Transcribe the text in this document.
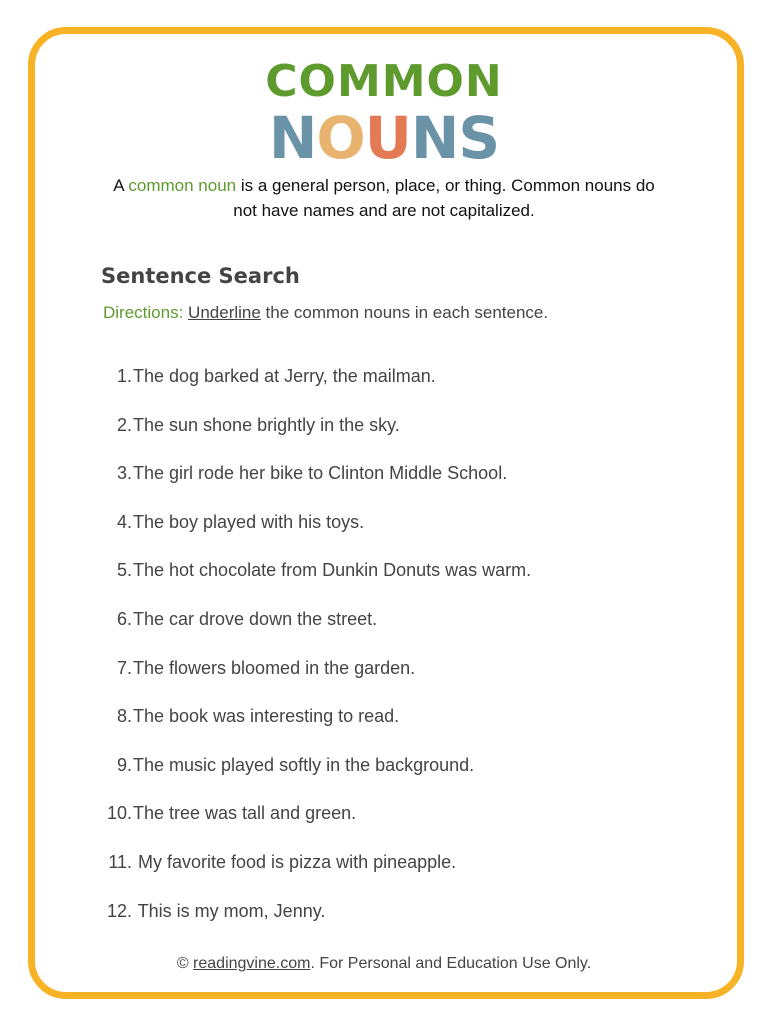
COMMON
NOUNS
A common noun is a general person, place, or thing. Common nouns do not have names and are not capitalized.
Sentence Search
Directions: Underline the common nouns in each sentence.
1. The dog barked at Jerry, the mailman.
2. The sun shone brightly in the sky.
3. The girl rode her bike to Clinton Middle School.
4. The boy played with his toys.
5. The hot chocolate from Dunkin Donuts was warm.
6. The car drove down the street.
7. The flowers bloomed in the garden.
8. The book was interesting to read.
9. The music played softly in the background.
10. The tree was tall and green.
11. My favorite food is pizza with pineapple.
12. This is my mom, Jenny.
© readingvine.com. For Personal and Education Use Only.
